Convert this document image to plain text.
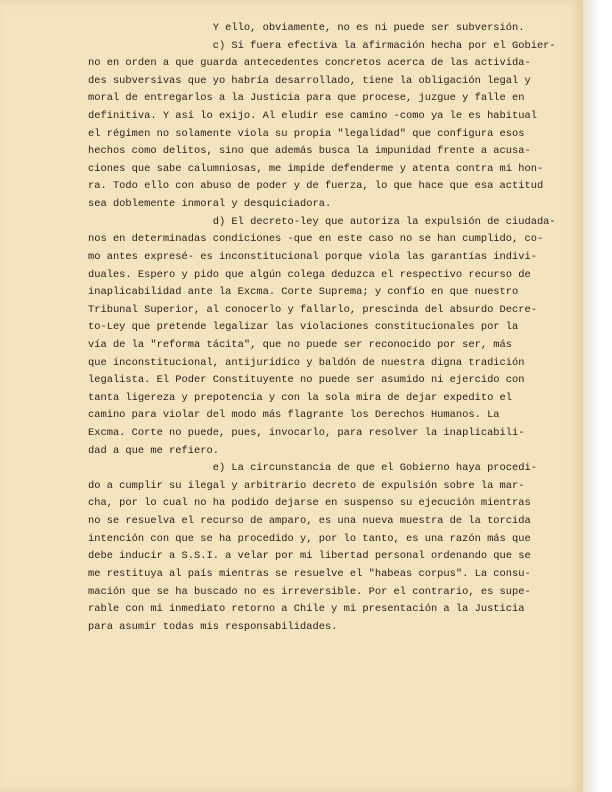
Y ello, obviamente, no es ni puede ser subversión.
c) Si fuera efectiva la afirmación hecha por el Gobier-
no en orden a que guarda antecedentes concretos acerca de las activida-
des subversivas que yo habría desarrollado, tiene la obligación legal y
moral de entregarlos a la Justicia para que procese, juzgue y falle en
definitiva. Y así lo exijo. Al eludir ese camino -como ya le es habitual
el régimen no solamente viola su propia "legalidad" que configura esos
hechos como delitos, sino que además busca la impunidad frente a acusa-
ciones que sabe calumniosas, me impide defenderme y atenta contra mi hon-
ra. Todo ello con abuso de poder y de fuerza, lo que hace que esa actitud
sea doblemente inmoral y desquiciadora.
d) El decreto-ley que autoriza la expulsión de ciudada-
nos en determinadas condiciones -que en este caso no se han cumplido, co-
mo antes expresé- es inconstitucional porque viola las garantías indivi-
duales. Espero y pido que algún colega deduzca el respectivo recurso de
inaplicabilidad ante la Excma. Corte Suprema; y confío en que nuestro
Tribunal Superior, al conocerlo y fallarlo, prescinda del absurdo Decre-
to-Ley que pretende legalizar las violaciones constitucionales por la
vía de la "reforma tácita", que no puede ser reconocido por ser, más
que inconstitucional, antijurídico y baldón de nuestra digna tradición
legalista. El Poder Constituyente no puede ser asumido ni ejercido con
tanta ligereza y prepotencia y con la sola mira de dejar expedito el
camino para violar del modo más flagrante los Derechos Humanos. La
Excma. Corte no puede, pues, invocarlo, para resolver la inaplicabili-
dad a que me refiero.
e) La circunstancia de que el Gobierno haya procedi-
do a cumplir su ilegal y arbitrario decreto de expulsión sobre la mar-
cha, por lo cual no ha podido dejarse en suspenso su ejecución mientras
no se resuelva el recurso de amparo, es una nueva muestra de la torcida
intención con que se ha procedido y, por lo tanto, es una razón más que
debe inducir a S.S.I. a velar por mi libertad personal ordenando que se
me restituya al país mientras se resuelve el "habeas corpus". La consu-
mación que se ha buscado no es irreversible. Por el contrario, es supe-
rable con mi inmediato retorno a Chile y mi presentación a la Justicia
para asumir todas mis responsabilidades.
